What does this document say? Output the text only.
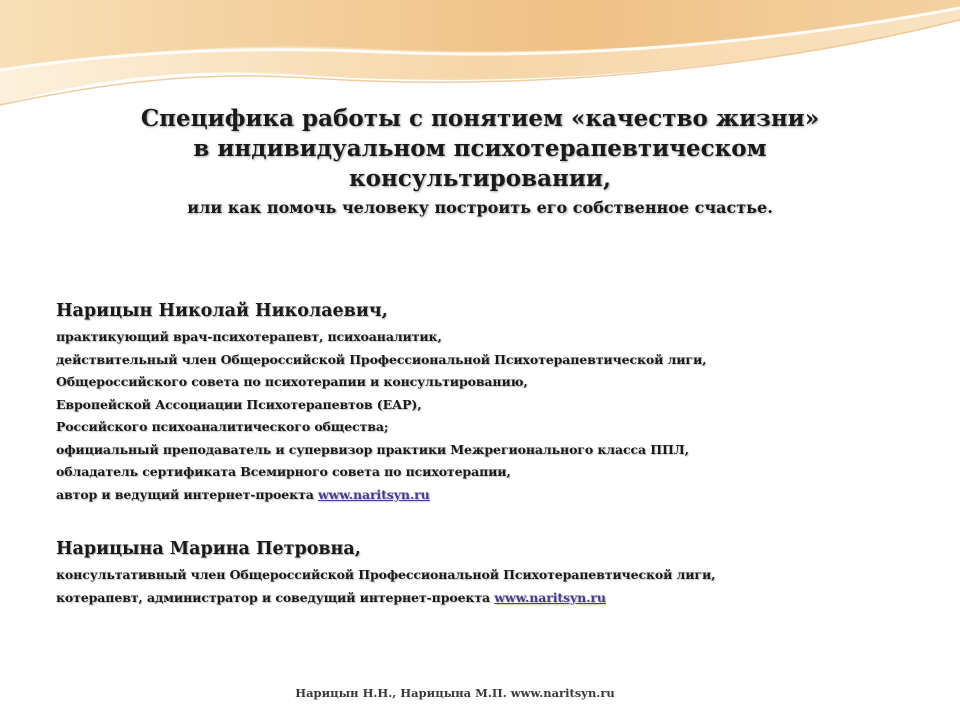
Специфика работы с понятием «качество жизни»
в индивидуальном психотерапевтическом
консультировании,
или как помочь человеку построить его собственное счастье.
Нарицын Николай Николаевич,
практикующий врач-психотерапевт, психоаналитик,
действительный член Общероссийской Профессиональной Психотерапевтической лиги,
Общероссийского совета по психотерапии и консультированию,
Европейской Ассоциации Психотерапевтов (ЕАР),
Российского психоаналитического общества;
официальный преподаватель и супервизор практики Межрегионального класса ППЛ,
обладатель сертификата Всемирного совета по психотерапии,
автор и ведущий интернет-проекта www.naritsyn.ru
Нарицына Марина Петровна,
консультативный член Общероссийской Профессиональной Психотерапевтической лиги,
котерапевт, администратор и соведущий интернет-проекта www.naritsyn.ru
Нарицын Н.Н., Нарицына М.П. www.naritsyn.ru
